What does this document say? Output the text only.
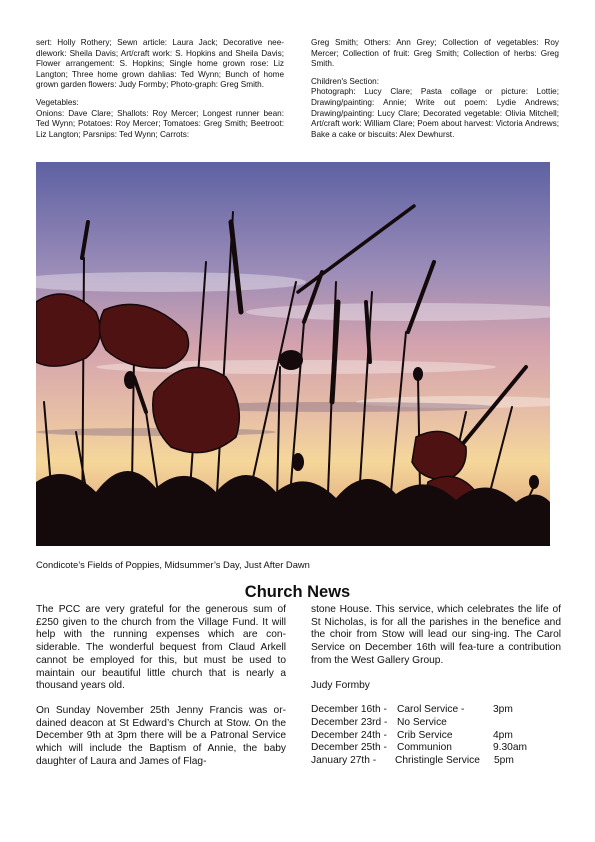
sert: Holly Rothery; Sewn article: Laura Jack; Decorative nee-dlework: Sheila Davis; Art/craft work: S. Hopkins and Sheila Davis; Flower arrangement: S. Hopkins; Single home grown rose: Liz Langton; Three home grown dahlias: Ted Wynn; Bunch of home grown garden flowers: Judy Formby; Photo-graph: Greg Smith.

Vegetables:

Onions: Dave Clare; Shallots: Roy Mercer; Longest runner bean: Ted Wynn; Potatoes: Roy Mercer; Tomatoes: Greg Smith; Beetroot: Liz Langton; Parsnips: Ted Wynn; Carrots:

Greg Smith; Others: Ann Grey; Collection of vegetables: Roy Mercer; Collection of fruit: Greg Smith; Collection of herbs: Greg Smith.

Children's Section:

Photograph: Lucy Clare; Pasta collage or picture: Lottie; Drawing/painting: Annie; Write out poem: Lydie Andrews; Drawing/painting: Lucy Clare; Decorated vegetable: Olivia Mitchell; Art/craft work: William Clare; Poem about harvest: Victoria Andrews; Bake a cake or biscuits: Alex Dewhurst.

Condicote’s Fields of Poppies, Midsummer’s Day, Just After Dawn
Church News

The PCC are very grateful for the generous sum of £250 given to the church from the Village Fund. It will help with the running expenses which are con-siderable. The wonderful bequest from Claud Arkell cannot be employed for this, but must be used to maintain our beautiful little church that is nearly a thousand years old.

On Sunday November 25th Jenny Francis was or-dained deacon at St Edward’s Church at Stow. On the December 9th at 3pm there will be a Patronal Service which will include the Baptism of Annie, the baby daughter of Laura and James of Flag-

stone House. This service, which celebrates the life of St Nicholas, is for all the parishes in the benefice and the choir from Stow will lead our sing-ing. The Carol Service on December 16th will fea-ture a contribution from the West Gallery Group.

Judy Formby

December 16th - Carol Service -	3pm
December 23rd - No Service
December 24th - Crib Service	4pm
December 25th - Communion	9.30am
January 27th -	Christingle Service	5pm
